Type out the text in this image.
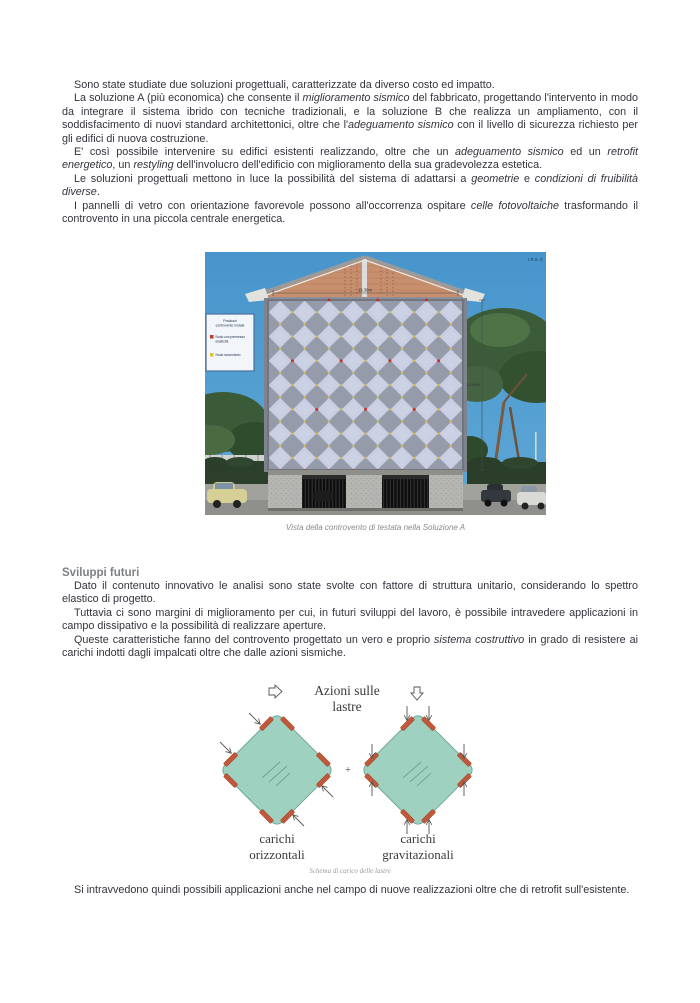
Sono state studiate due soluzioni progettuali, caratterizzate da diverso costo ed impatto.

La soluzione A (più economica) che consente il miglioramento sismico del fabbricato, progettando l'intervento in modo da integrare il sistema ibrido con tecniche tradizionali, e la soluzione B che realizza un ampliamento, con il soddisfacimento di nuovi standard architettonici, oltre che l'adeguamento sismico con il livello di sicurezza richiesto per gli edifici di nuova costruzione.

E' così possibile intervenire su edifici esistenti realizzando, oltre che un adeguamento sismico ed un retrofit energetico, un restyling dell'involucro dell'edificio con miglioramento della sua gradevolezza estetica.

Le soluzioni progettuali mettono in luce la possibilità del sistema di adattarsi a geometrie e condizioni di fruibilità diverse.

I pannelli di vetro con orientazione favorevole possono all'occorrenza ospitare celle fotovoltaiche trasformando il controvento in una piccola centrale energetica.

Posizioni
controvento nodale
Nodo con permesso
elasticità
Nodo secondario
15.30m
13.60m
I.R.S. ©
Vista della controvento di testata nella Soluzione A
Sviluppi futuri

Dato il contenuto innovativo le analisi sono state svolte con fattore di struttura unitario, considerando lo spettro elastico di progetto.

Tuttavia ci sono margini di miglioramento per cui, in futuri sviluppi del lavoro, è possibile intravedere applicazioni in campo dissipativo e la possibilità di realizzare aperture.

Queste caratteristiche fanno del controvento progettato un vero e proprio sistema costruttivo in grado di resistere ai carichi indotti dagli impalcati oltre che dalle azioni sismiche.

Azioni sulle
lastre
+
carichi
orizzontali
carichi
gravitazionali
Schema di carico delle lastre

Si intravvedono quindi possibili applicazioni anche nel campo di nuove realizzazioni oltre che di retrofit sull'esistente.
